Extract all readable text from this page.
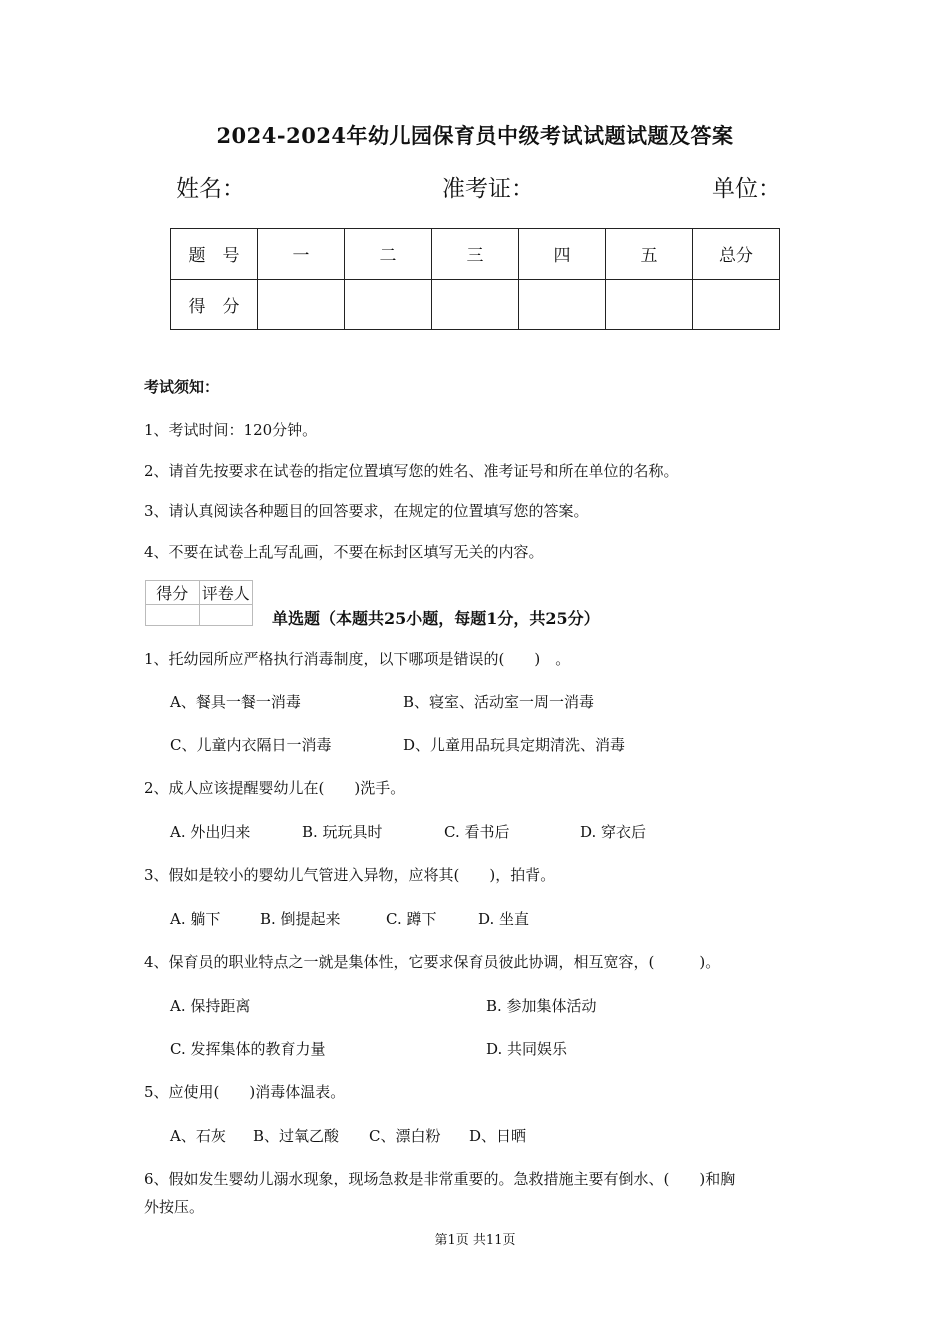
2024-2024年幼儿园保育员中级考试试题试题及答案
姓名：	准考证：	单位：
题　号	一	二	三	四	五	总分
得　分						
考试须知：
1、考试时间：120分钟。
2、请首先按要求在试卷的指定位置填写您的姓名、准考证号和所在单位的名称。
3、请认真阅读各种题目的回答要求，在规定的位置填写您的答案。
4、不要在试卷上乱写乱画，不要在标封区填写无关的内容。
得分	评卷人

单选题（本题共25小题，每题1分，共25分）
1、托幼园所应严格执行消毒制度，以下哪项是错误的(　　)　。
A、餐具一餐一消毒	B、寝室、活动室一周一消毒
C、儿童内衣隔日一消毒	D、儿童用品玩具定期清洗、消毒
2、成人应该提醒婴幼儿在(　　)洗手。
A. 外出归来	B. 玩玩具时	C. 看书后	D. 穿衣后
3、假如是较小的婴幼儿气管进入异物，应将其(　　)，拍背。
A. 躺下	B. 倒提起来	C. 蹲下	D. 坐直
4、保育员的职业特点之一就是集体性，它要求保育员彼此协调，相互宽容，(　　　)。
A. 保持距离	B. 参加集体活动
C. 发挥集体的教育力量	D. 共同娱乐
5、应使用(　　)消毒体温表。
A、石灰 B、过氧乙酸 C、漂白粉 D、日晒
6、假如发生婴幼儿溺水现象，现场急救是非常重要的。急救措施主要有倒水、(　　)和胸
外按压。
第1页 共11页
